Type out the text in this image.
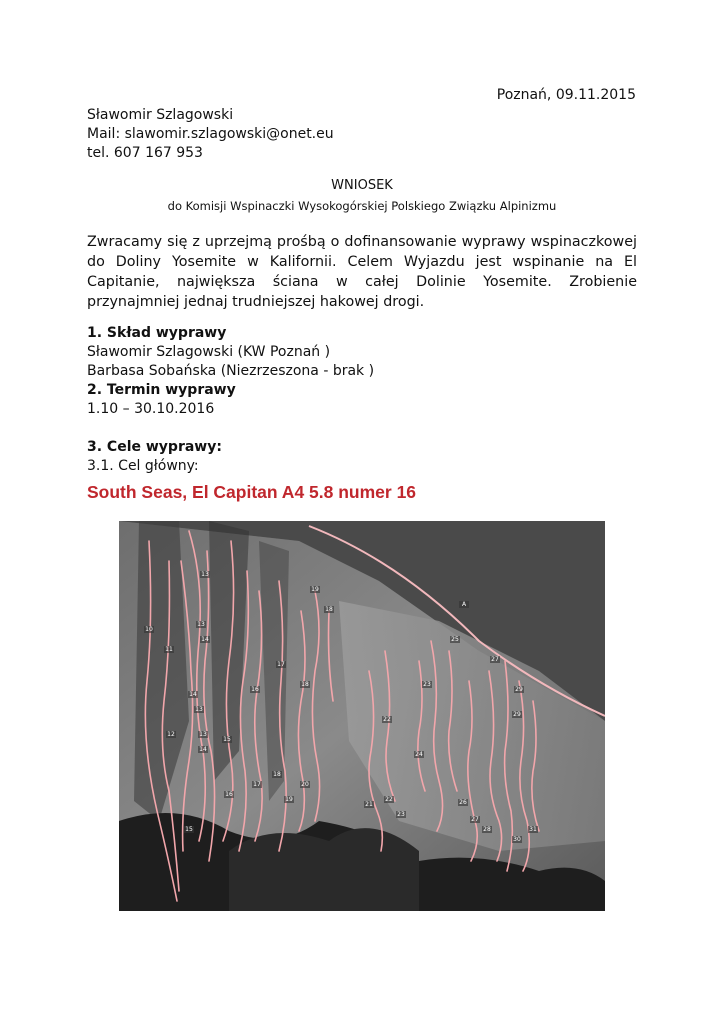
Poznań, 09.11.2015
Sławomir Szlagowski
Mail: slawomir.szlagowski@onet.eu
tel. 607 167 953
WNIOSEK
do Komisji Wspinaczki Wysokogórskiej Polskiego Związku Alpinizmu
Zwracamy się z uprzejmą prośbą o dofinansowanie wyprawy wspinaczkowej do Doliny Yosemite w Kalifornii. Celem Wyjazdu jest wspinanie na El Capitanie, największa ściana w całej Dolinie Yosemite. Zrobienie przynajmniej jednaj trudniejszej hakowej drogi.
1. Skład wyprawy
Sławomir Szlagowski (KW Poznań )
Barbasa Sobańska (Niezrzeszona - brak )
2. Termin wyprawy
1.10 – 30.10.2016
3. Cele wyprawy:
3.1. Cel główny:
South Seas, El Capitan A4 5.8 numer 16
10
11
12
13
13
13
13
14
14
14
15
15
16
16
17
17
18
18
18
19
19
20
21
22
22
23
23
24
25
26
27
27
28
29
29
30
31
A
